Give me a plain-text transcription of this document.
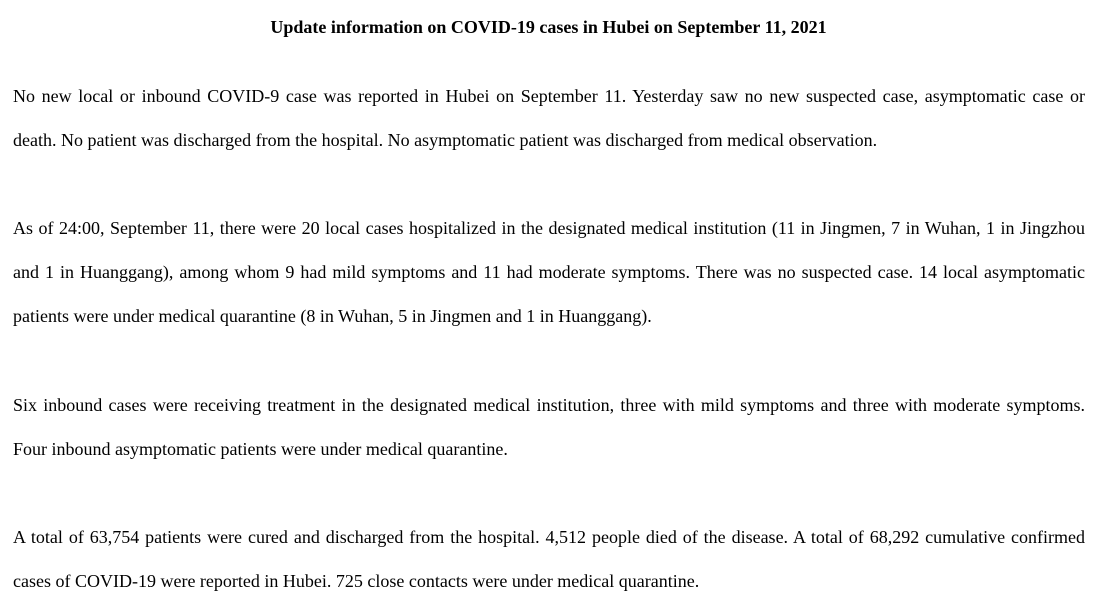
Update information on COVID-19 cases in Hubei on September 11, 2021

No new local or inbound COVID-9 case was reported in Hubei on September 11. Yesterday saw no new suspected case, asymptomatic case or death. No patient was discharged from the hospital. No asymptomatic patient was discharged from medical observation.

As of 24:00, September 11, there were 20 local cases hospitalized in the designated medical institution (11 in Jingmen, 7 in Wuhan, 1 in Jingzhou and 1 in Huanggang), among whom 9 had mild symptoms and 11 had moderate symptoms. There was no suspected case. 14 local asymptomatic patients were under medical quarantine (8 in Wuhan, 5 in Jingmen and 1 in Huanggang).

Six inbound cases were receiving treatment in the designated medical institution, three with mild symptoms and three with moderate symptoms. Four inbound asymptomatic patients were under medical quarantine.

A total of 63,754 patients were cured and discharged from the hospital. 4,512 people died of the disease. A total of 68,292 cumulative confirmed cases of COVID-19 were reported in Hubei. 725 close contacts were under medical quarantine.
